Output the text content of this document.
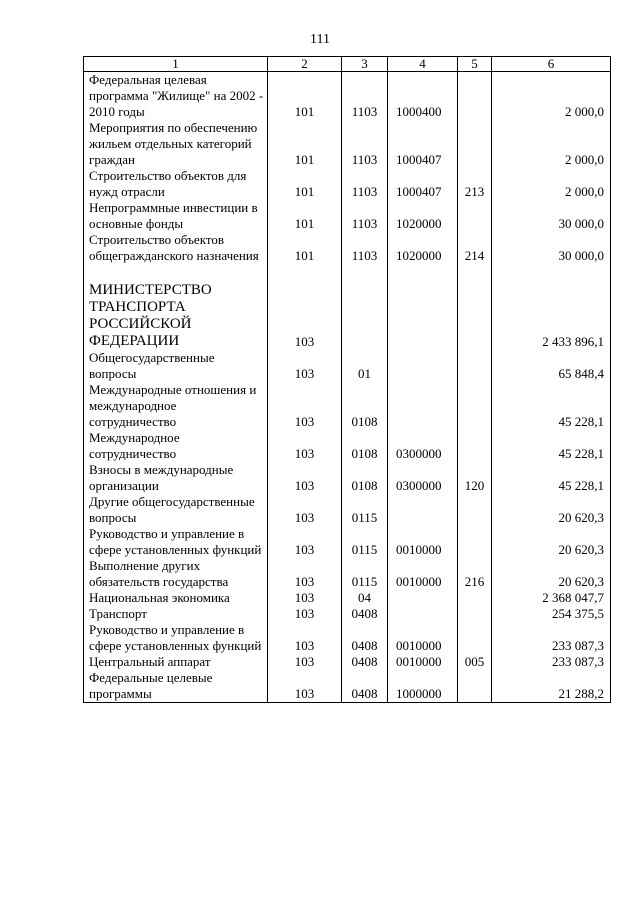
111
1	2	3	4	5	6
Федеральная целевая программа "Жилище" на 2002 - 2010 годы	101	1103	1000400		2 000,0
Мероприятия по обеспечению жильем отдельных категорий граждан	101	1103	1000407		2 000,0
Строительство объектов для нужд отрасли	101	1103	1000407	213	2 000,0
Непрограммные инвестиции в основные фонды	101	1103	1020000		30 000,0
Строительство объектов общегражданского назначения	101	1103	1020000	214	30 000,0

МИНИСТЕРСТВО ТРАНСПОРТА РОССИЙСКОЙ ФЕДЕРАЦИИ	103				2 433 896,1
Общегосударственные вопросы	103	01			65 848,4
Международные отношения и международное сотрудничество	103	0108			45 228,1
Международное сотрудничество	103	0108	0300000		45 228,1
Взносы в международные организации	103	0108	0300000	120	45 228,1
Другие общегосударственные вопросы	103	0115			20 620,3
Руководство и управление в сфере установленных функций	103	0115	0010000		20 620,3
Выполнение других обязательств государства	103	0115	0010000	216	20 620,3
Национальная экономика	103	04			2 368 047,7
Транспорт	103	0408			254 375,5
Руководство и управление в сфере установленных функций	103	0408	0010000		233 087,3
Центральный аппарат	103	0408	0010000	005	233 087,3
Федеральные целевые программы	103	0408	1000000		21 288,2
